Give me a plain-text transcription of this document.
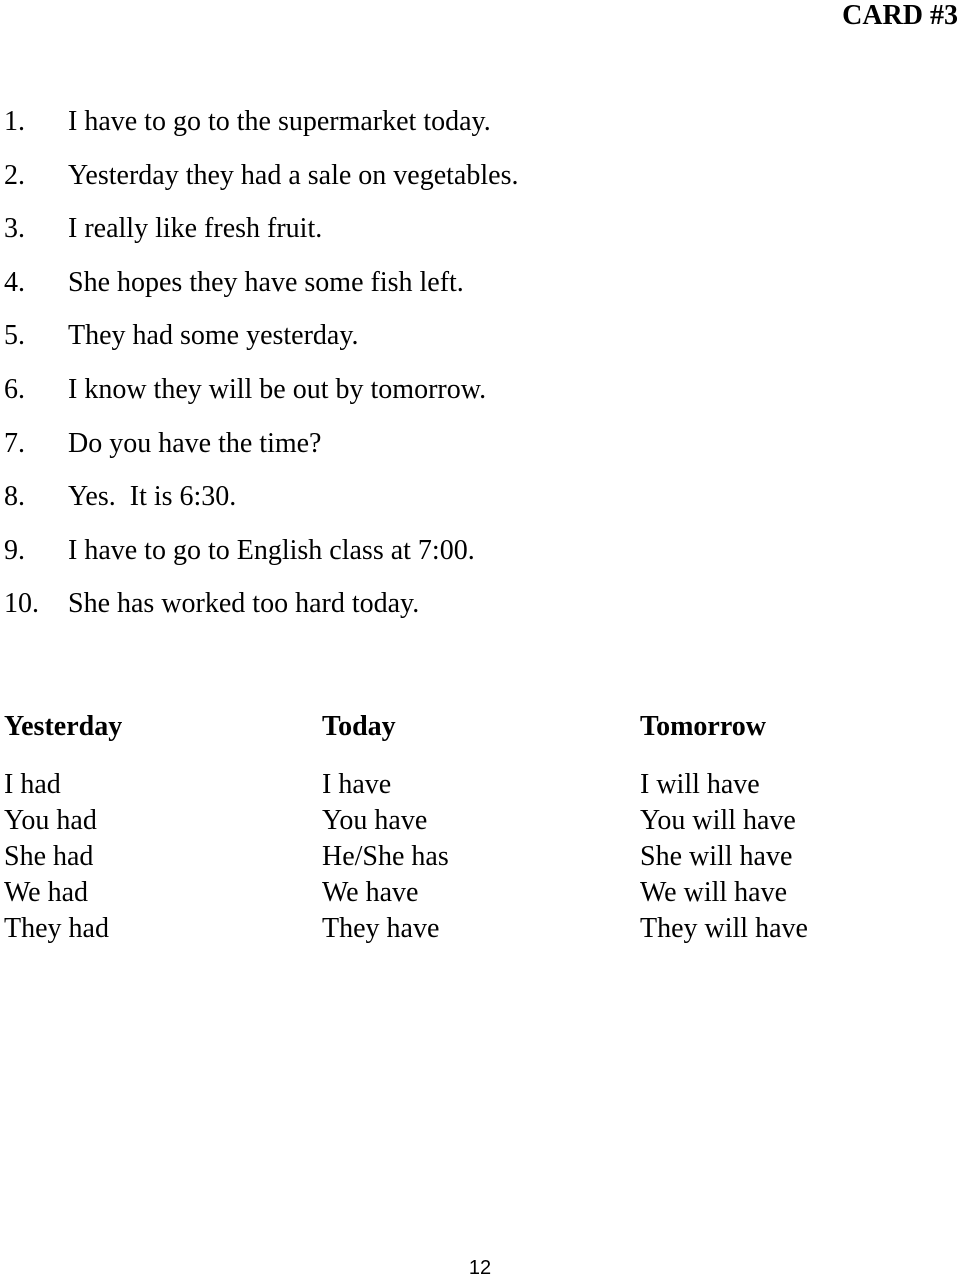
CARD #3
1. I have to go to the supermarket today.
2. Yesterday they had a sale on vegetables.
3. I really like fresh fruit.
4. She hopes they have some fish left.
5. They had some yesterday.
6. I know they will be out by tomorrow.
7. Do you have the time?
8. Yes.  It is 6:30.
9. I have to go to English class at 7:00.
10. She has worked too hard today.
Yesterday	Today	Tomorrow
I had	I have	I will have
You had	You have	You will have
She had	He/She has	She will have
We had	We have	We will have
They had	They have	They will have
12
